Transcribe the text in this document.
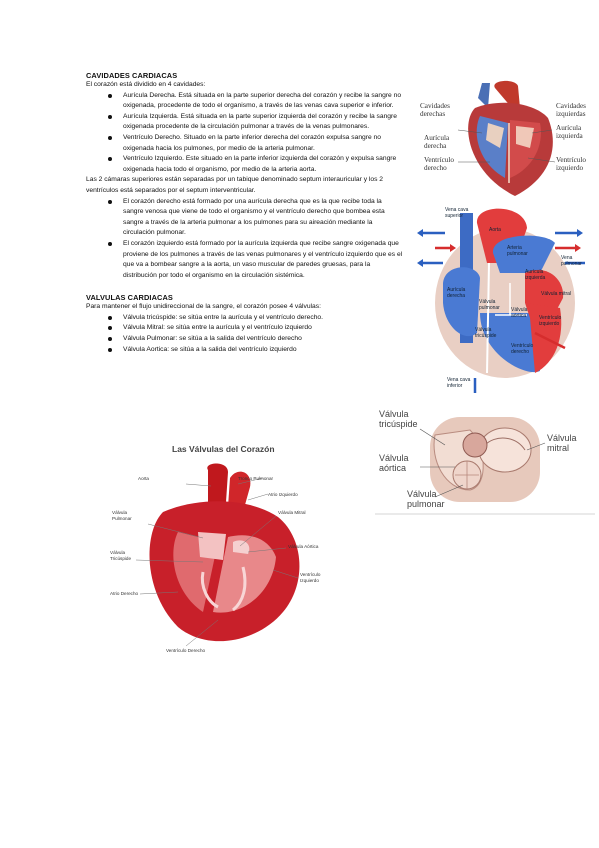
CAVIDADES CARDIACAS
El corazón está dividido en 4 cavidades:
Aurícula Derecha. Está situada en la parte superior derecha del corazón y recibe la sangre no oxigenada, procedente de todo el organismo, a través de las venas cava superior e inferior.
Aurícula Izquierda. Está situada en la parte superior izquierda del corazón y recibe la sangre oxigenada procedente de la circulación pulmonar a través de la venas pulmonares.
Ventrículo Derecho. Situado en la parte inferior derecha del corazón expulsa sangre no oxigenada hacia los pulmones, por medio de la arteria pulmonar.
Ventrículo Izquierdo. Este situado en la parte inferior izquierda del corazón y expulsa sangre oxigenada hacia todo el organismo, por medio de la arteria aorta.
Las 2 cámaras superiores están separadas por un tabique denominado septum interauricular y los 2 ventrículos está separados por el septum interventricular.
El corazón derecho está formado por una aurícula derecha que es la que recibe toda la sangre venosa que viene de todo el organismo y el ventrículo derecho que bombea esta sangre a través de la arteria pulmonar a los pulmones para su aireación mediante la circulación pulmonar.
El corazón izquierdo está formado por la aurícula izquierda que recibe sangre oxigenada que proviene de los pulmones a través de las venas pulmonares y el ventrículo izquierdo que es el que va a bombear sangre a la aorta, un vaso muscular de paredes gruesas, para la distribución por todo el organismo en la circulación sistémica.
VALVULAS CARDIACAS
Para mantener el flujo unidireccional de la sangre, el corazón posee 4 válvulas:
Válvula tricúspide: se sitúa entre la aurícula y el ventrículo derecho.
Válvula Mitral: se sitúa entre la aurícula y el ventrículo izquierdo
Válvula Pulmonar: se sitúa a la salida del ventrículo derecho
Válvula Aortica: se sitúa a la salida del ventrículo izquierdo
Cavidades derechas
Cavidades izquierdas
Aurícula derecha
Aurícula izquierda
Ventrículo derecho
Ventrículo izquierdo
Vena cava superior
Aorta
Arteria pulmonar
Vena pulmonar
Aurícula izquierda
Válvula mitral
Aurícula derecha
Válvula pulmonar	Válvula aórtica	Ventrículo izquierdo
Válvula tricúspide
Ventrículo derecho
Vena cava inferior
Válvula tricúspide
Válvula mitral
Válvula aórtica
Válvula pulmonar
Las Válvulas del Corazón
Aorta	Tronco Pulmonar
Atrio Izquierdo
Válvula Pulmonar
Válvula Mitral
Válvula Aórtica
Válvula Tricúspide
Ventrículo Izquierdo
Atrio Derecho
Ventrículo Derecho
